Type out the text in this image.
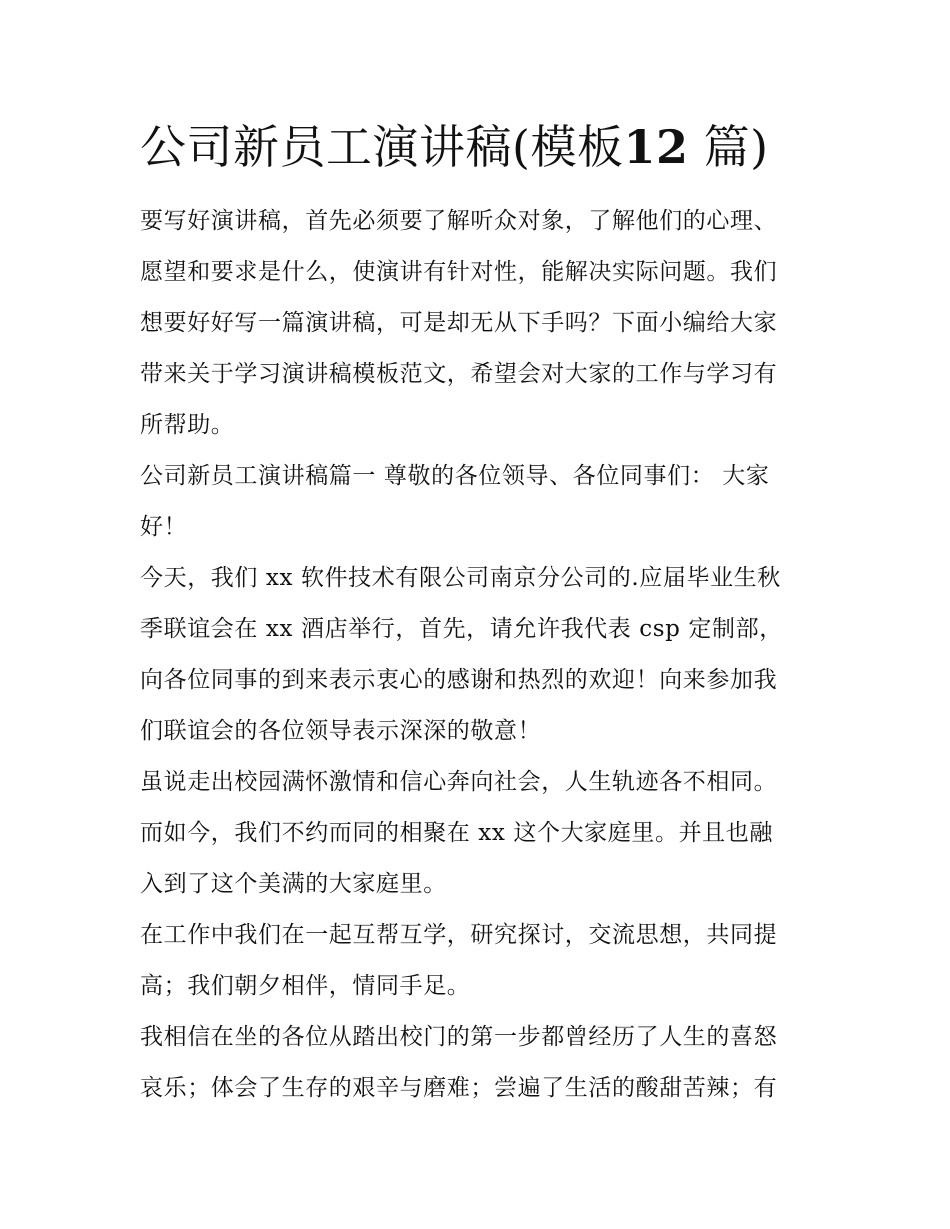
公司新员工演讲稿(模板12 篇)

要写好演讲稿，首先必须要了解听众对象，了解他们的心理、
愿望和要求是什么，使演讲有针对性，能解决实际问题。我们
想要好好写一篇演讲稿，可是却无从下手吗？下面小编给大家
带来关于学习演讲稿模板范文，希望会对大家的工作与学习有
所帮助。

公司新员工演讲稿篇一 尊敬的各位领导、各位同事们： 大家
好！

今天，我们 xx 软件技术有限公司南京分公司的.应届毕业生秋
季联谊会在 xx 酒店举行，首先，请允许我代表 csp 定制部，
向各位同事的到来表示衷心的感谢和热烈的欢迎！向来参加我
们联谊会的各位领导表示深深的敬意！

虽说走出校园满怀激情和信心奔向社会，人生轨迹各不相同。
而如今，我们不约而同的相聚在 xx 这个大家庭里。并且也融
入到了这个美满的大家庭里。

在工作中我们在一起互帮互学，研究探讨，交流思想，共同提
高；我们朝夕相伴，情同手足。

我相信在坐的各位从踏出校门的第一步都曾经历了人生的喜怒
哀乐；体会了生存的艰辛与磨难；尝遍了生活的酸甜苦辣；有
